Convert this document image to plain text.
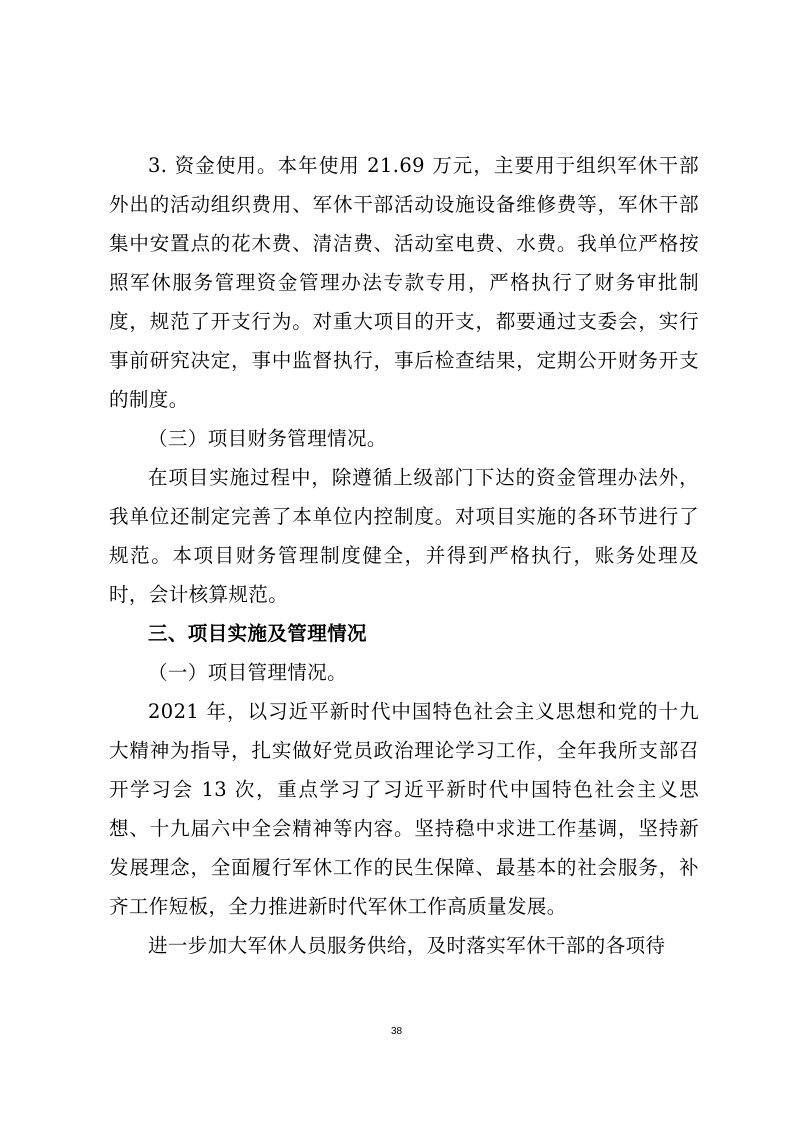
3. 资金使用。本年使用 21.69 万元，主要用于组织军休干部外出的活动组织费用、军休干部活动设施设备维修费等，军休干部集中安置点的花木费、清洁费、活动室电费、水费。我单位严格按照军休服务管理资金管理办法专款专用，严格执行了财务审批制度，规范了开支行为。对重大项目的开支，都要通过支委会，实行事前研究决定，事中监督执行，事后检查结果，定期公开财务开支的制度。

（三）项目财务管理情况。

在项目实施过程中，除遵循上级部门下达的资金管理办法外，我单位还制定完善了本单位内控制度。对项目实施的各环节进行了规范。本项目财务管理制度健全，并得到严格执行，账务处理及时，会计核算规范。

三、项目实施及管理情况

（一）项目管理情况。

2021 年，以习近平新时代中国特色社会主义思想和党的十九大精神为指导，扎实做好党员政治理论学习工作，全年我所支部召开学习会 13 次，重点学习了习近平新时代中国特色社会主义思想、十九届六中全会精神等内容。坚持稳中求进工作基调，坚持新发展理念，全面履行军休工作的民生保障、最基本的社会服务，补齐工作短板，全力推进新时代军休工作高质量发展。

进一步加大军休人员服务供给，及时落实军休干部的各项待

38
